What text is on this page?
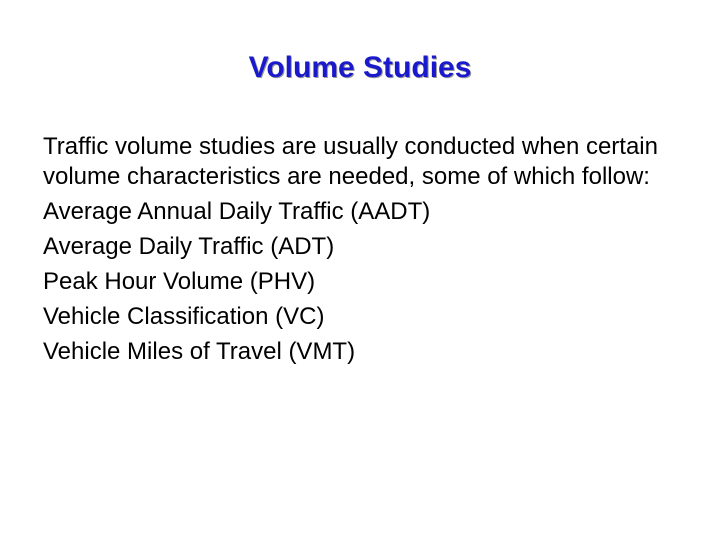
Volume Studies

Traffic volume studies are usually conducted when certain volume characteristics are needed, some of which follow:

Average Annual Daily Traffic (AADT)
Average Daily Traffic (ADT)
Peak Hour Volume (PHV)
Vehicle Classification (VC)
Vehicle Miles of Travel (VMT)
